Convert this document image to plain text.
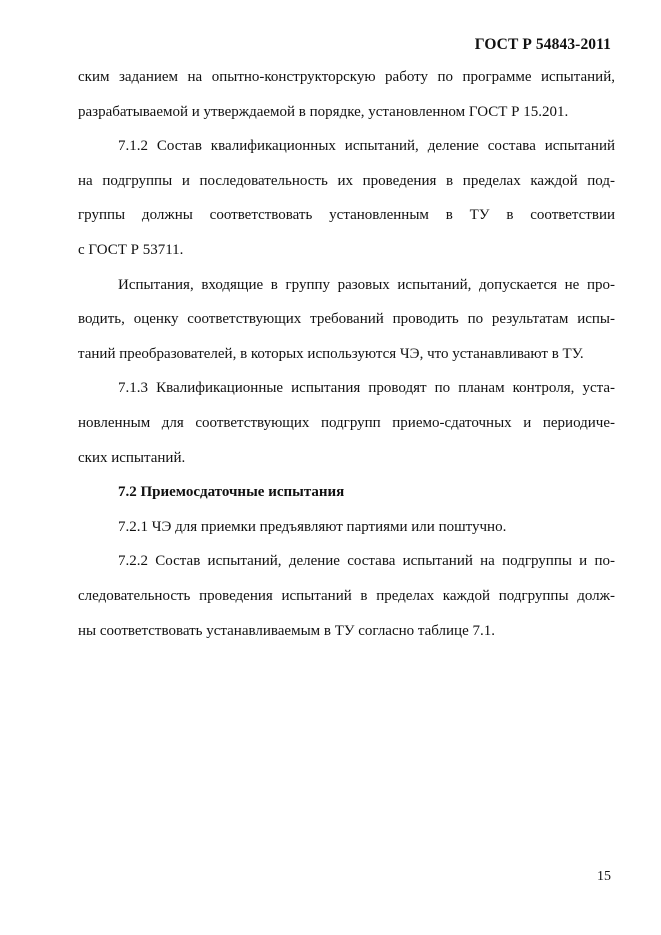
ГОСТ Р 54843-2011
ским заданием на опытно-конструкторскую работу по программе испытаний,
разрабатываемой и утверждаемой в порядке, установленном ГОСТ Р 15.201.
7.1.2 Состав квалификационных испытаний, деление состава испытаний
на подгруппы и последовательность их проведения в пределах каждой под-
группы должны соответствовать установленным в ТУ в соответствии
с ГОСТ Р 53711.
Испытания, входящие в группу разовых испытаний, допускается не про-
водить, оценку соответствующих требований проводить по результатам испы-
таний преобразователей, в которых используются ЧЭ, что устанавливают в ТУ.
7.1.3 Квалификационные испытания проводят по планам контроля, уста-
новленным для соответствующих подгрупп приемо-сдаточных и периодиче-
ских испытаний.
7.2 Приемосдаточные испытания
7.2.1 ЧЭ для приемки предъявляют партиями или поштучно.
7.2.2 Состав испытаний, деление состава испытаний на подгруппы и по-
следовательность проведения испытаний в пределах каждой подгруппы долж-
ны соответствовать устанавливаемым в ТУ согласно таблице 7.1.
15
